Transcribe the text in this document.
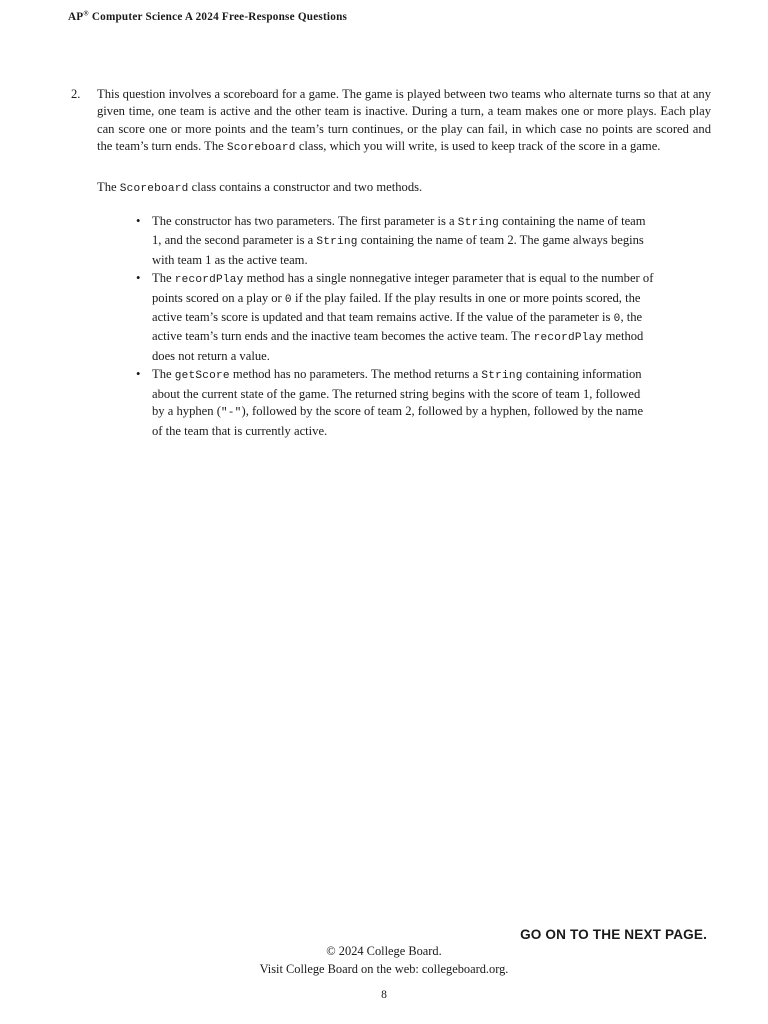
AP® Computer Science A 2024 Free-Response Questions
2.	This question involves a scoreboard for a game. The game is played between two teams who alternate turns so that at any given time, one team is active and the other team is inactive. During a turn, a team makes one or more plays. Each play can score one or more points and the team’s turn continues, or the play can fail, in which case no points are scored and the team’s turn ends. The Scoreboard class, which you will write, is used to keep track of the score in a game.

The Scoreboard class contains a constructor and two methods.

• The constructor has two parameters. The first parameter is a String containing the name of team 1, and the second parameter is a String containing the name of team 2. The game always begins with team 1 as the active team.
• The recordPlay method has a single nonnegative integer parameter that is equal to the number of points scored on a play or 0 if the play failed. If the play results in one or more points scored, the active team’s score is updated and that team remains active. If the value of the parameter is 0, the active team’s turn ends and the inactive team becomes the active team. The recordPlay method does not return a value.
• The getScore method has no parameters. The method returns a String containing information about the current state of the game. The returned string begins with the score of team 1, followed by a hyphen ("-"), followed by the score of team 2, followed by a hyphen, followed by the name of the team that is currently active.
GO ON TO THE NEXT PAGE.
© 2024 College Board.
Visit College Board on the web: collegeboard.org.
8
